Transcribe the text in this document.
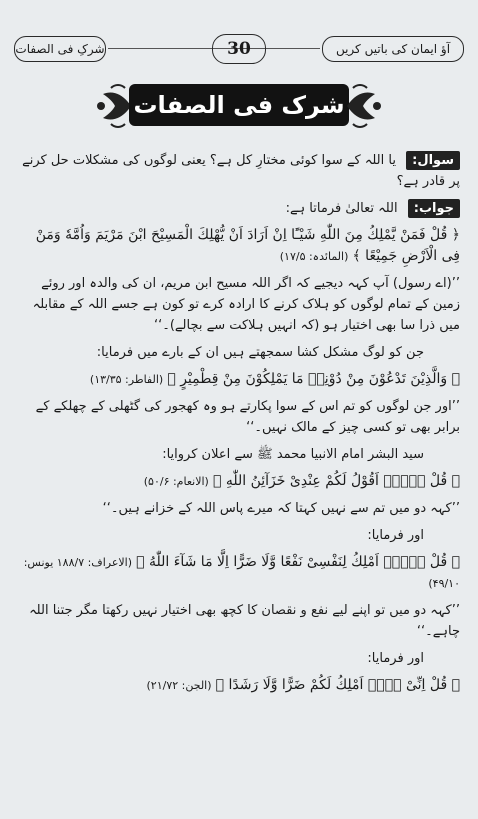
آؤ ایمان کی باتیں کریں
30
شرکِ فی الصفات
شرک فی الصفات

سوال: یا اللہ کے سوا کوئی مختارِ کل ہے؟ یعنی لوگوں کی مشکلات حل کرنے پر قادر ہے؟

جواب: اللہ تعالیٰ فرماتا ہے:

﴿ قُلْ فَمَنْ يَّمْلِكُ مِنَ اللّٰهِ شَيْـًٔا اِنْ اَرَادَ اَنْ يُّهْلِكَ الْمَسِيْحَ ابْنَ مَرْيَمَ وَاُمَّهٗ وَمَنْ فِى الْاَرْضِ جَمِيْعًا ﴾ (المائدہ: ۱۷/۵)

’’(اے رسول) آپ کہہ دیجیے کہ اگر اللہ مسیح ابن مریم، ان کی والدہ اور روئے زمین کے تمام لوگوں کو ہلاک کرنے کا ارادہ کرے تو کون ہے جسے اللہ کے مقابلہ میں ذرا سا بھی اختیار ہو (کہ انہیں ہلاکت سے بچالے)۔‘‘

جن کو لوگ مشکل کشا سمجھتے ہیں ان کے بارے میں فرمایا:

﴿ وَالَّذِيْنَ تَدْعُوْنَ مِنْ دُوْنِهٖ مَا يَمْلِكُوْنَ مِنْ قِطْمِيْرٍ ﴾ (الفاطر: ۱۳/۳۵)

’’اور جن لوگوں کو تم اس کے سوا پکارتے ہو وہ کھجور کی گٹھلی کے چھلکے کے برابر بھی تو کسی چیز کے مالک نہیں۔‘‘

سید البشر امام الانبیا محمد ﷺ سے اعلان کروایا:

﴿ قُلْ لَّاۤ اَقُوْلُ لَكُمْ عِنْدِىْ خَزَآئِنُ اللّٰهِ ﴾ (الانعام: ۵۰/۶)

’’کہہ دو میں تم سے نہیں کہتا کہ میرے پاس اللہ کے خزانے ہیں۔‘‘

اور فرمایا:

﴿ قُلْ لَّاۤ اَمْلِكُ لِنَفْسِىْ نَفْعًا وَّلَا ضَرًّا اِلَّا مَا شَآءَ اللّٰهُ ﴾ (الاعراف: ۱۸۸/۷ یونس: ۴۹/۱۰)

’’کہہ دو میں تو اپنے لیے نفع و نقصان کا کچھ بھی اختیار نہیں رکھتا مگر جتنا اللہ چاہے۔‘‘

اور فرمایا:

﴿ قُلْ اِنِّىْ لَاۤ اَمْلِكُ لَكُمْ ضَرًّا وَّلَا رَشَدًا ﴾ (الجن: ۲۱/۷۲)
